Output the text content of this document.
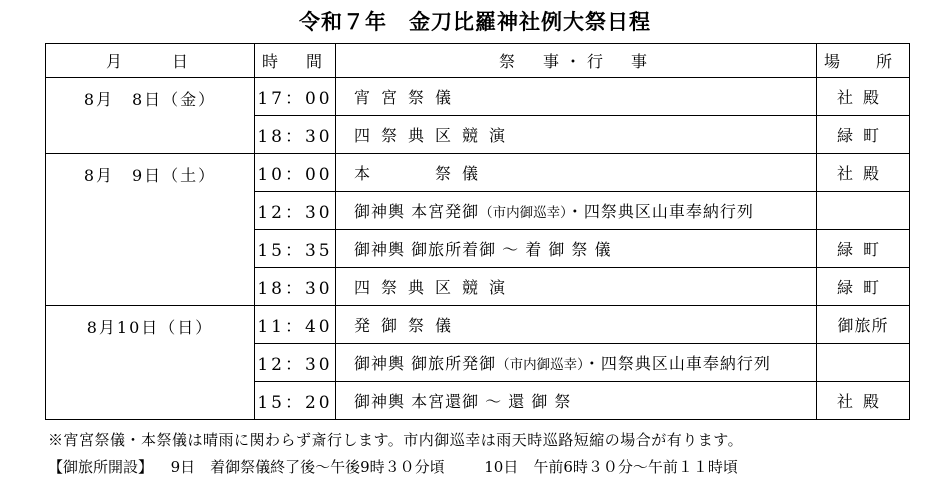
令和７年　金刀比羅神社例大祭日程
月　　日	時　間	祭　事・行　事	場　所
8月　8日（金）	17：00	宵宮祭儀	社殿
	18：30	四祭典区競演	緑町
8月　9日（土）	10：00	本　　祭儀	社殿
	12：30	御神輿 本宮発御（市内御巡幸）・四祭典区山車奉納行列	
	15：35	御神輿 御旅所着御 ～ 着 御 祭 儀	緑町
	18：30	四祭典区競演	緑町
8月10日（日）	11：40	発御祭儀	御旅所
	12：30	御神輿 御旅所発御（市内御巡幸）・四祭典区山車奉納行列	
	15：20	御神輿 本宮還御 ～ 還 御 祭	社殿
※宵宮祭儀・本祭儀は晴雨に関わらず斎行します。市内御巡幸は雨天時巡路短縮の場合が有ります。
【御旅所開設】 9日　着御祭儀終了後～午後9時３０分頃	10日　午前6時３０分～午前１１時頃
